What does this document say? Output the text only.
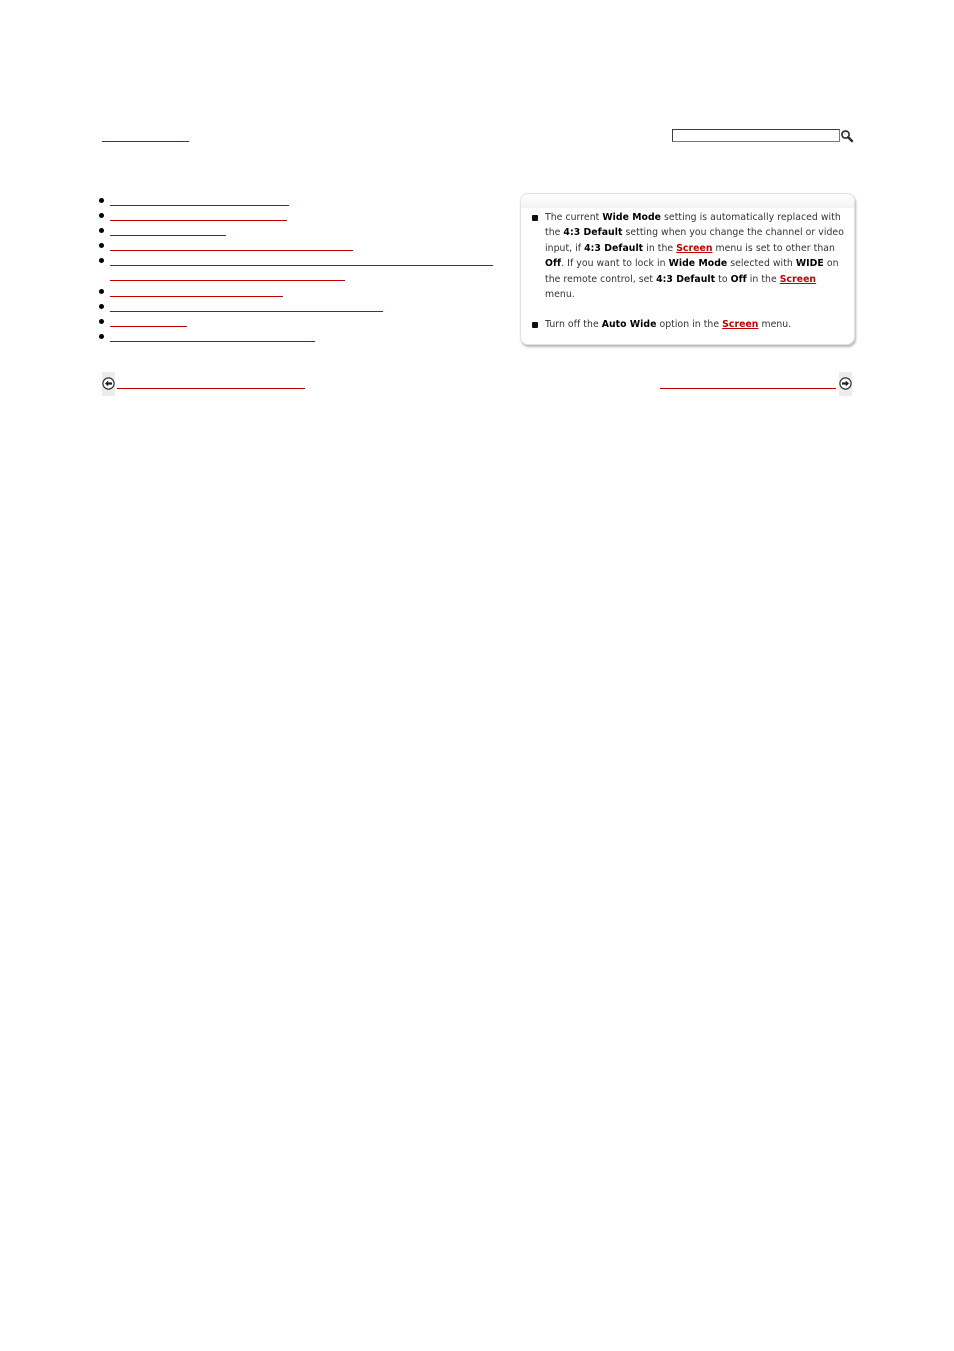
The current Wide Mode setting is automatically replaced with the 4:3 Default setting when you change the channel or video input, if 4:3 Default in the Screen menu is set to other than Off. If you want to lock in Wide Mode selected with WIDE on the remote control, set 4:3 Default to Off in the Screen menu.
Turn off the Auto Wide option in the Screen menu.
